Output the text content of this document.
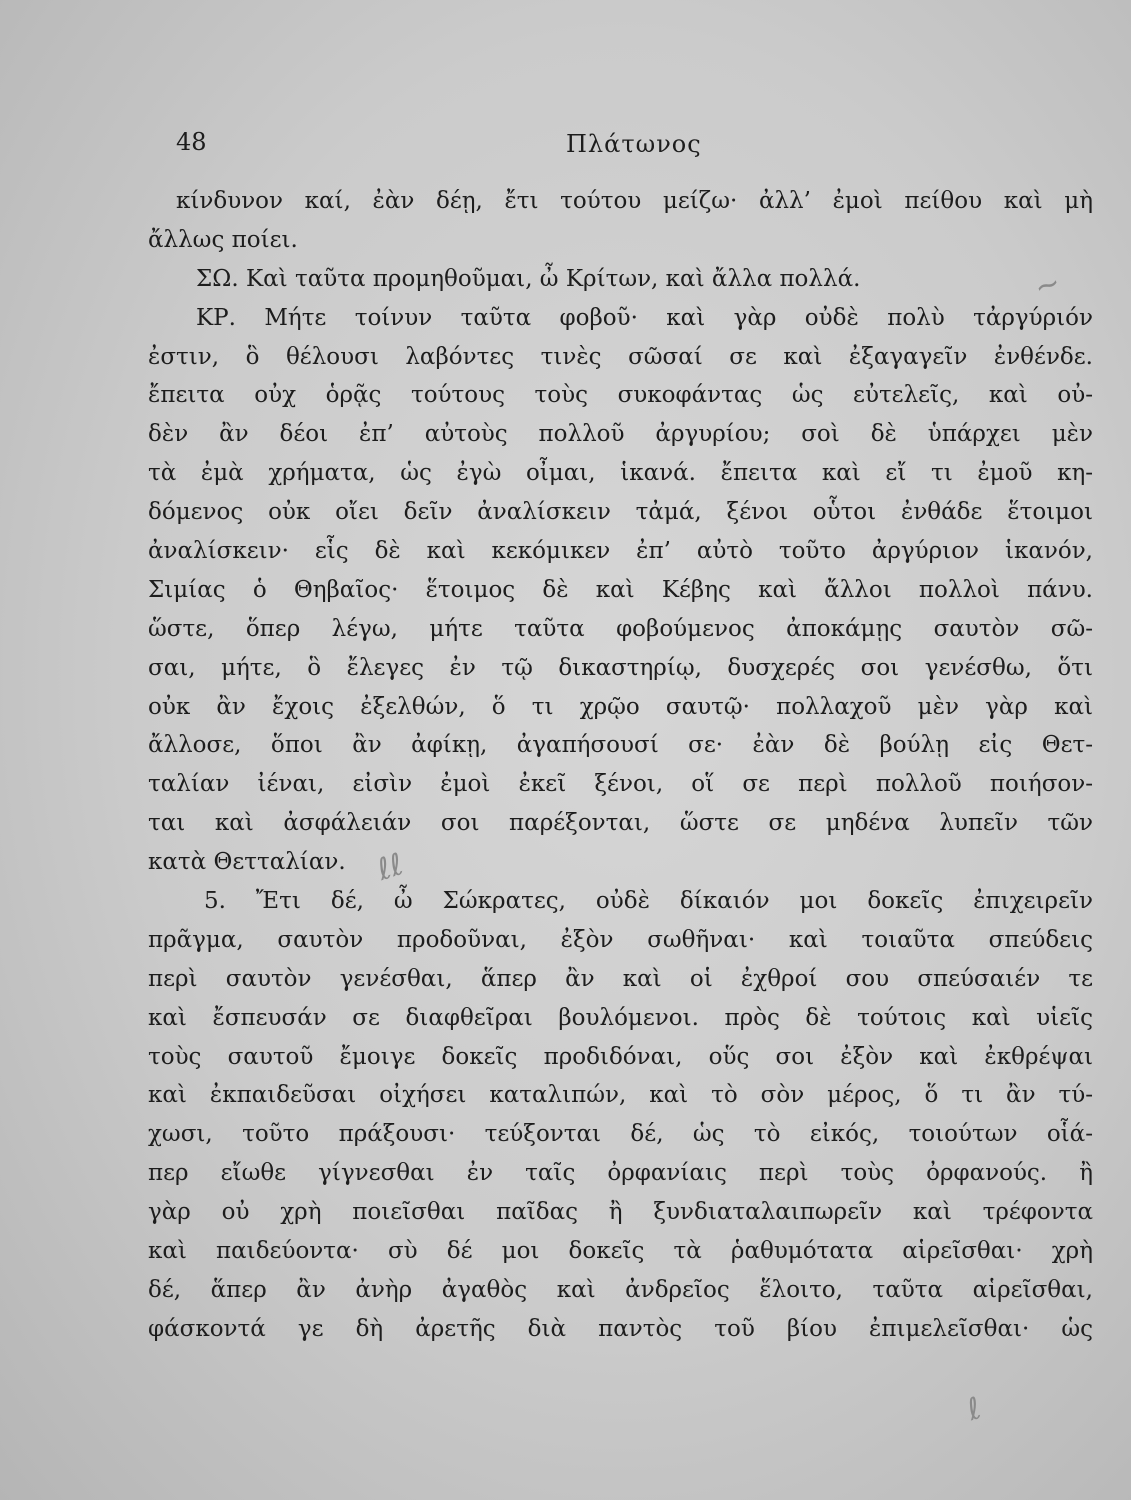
48	Πλάτωνος
κίνδυνον καί, ἐὰν δέῃ, ἔτι τούτου μείζω· ἀλλ’ ἐμοὶ πείθου καὶ μὴ
ἄλλως ποίει.
ΣΩ. Καὶ ταῦτα προμηθοῦμαι, ὦ Κρίτων, καὶ ἄλλα πολλά.
ΚΡ. Μήτε τοίνυν ταῦτα φοβοῦ· καὶ γὰρ οὐδὲ πολὺ τἀργύριόν
ἐστιν, ὃ θέλουσι λαβόντες τινὲς σῶσαί σε καὶ ἐξαγαγεῖν ἐνθένδε.
ἔπειτα οὐχ ὁρᾷς τούτους τοὺς συκοφάντας ὡς εὐτελεῖς, καὶ οὐ-
δὲν ἂν δέοι ἐπ’ αὐτοὺς πολλοῦ ἀργυρίου; σοὶ δὲ ὑπάρχει μὲν
τὰ ἐμὰ χρήματα, ὡς ἐγὼ οἶμαι, ἱκανά. ἔπειτα καὶ εἴ τι ἐμοῦ κη-
δόμενος οὐκ οἴει δεῖν ἀναλίσκειν τἀμά, ξένοι οὗτοι ἐνθάδε ἕτοιμοι
ἀναλίσκειν· εἷς δὲ καὶ κεκόμικεν ἐπ’ αὐτὸ τοῦτο ἀργύριον ἱκανόν,
Σιμίας ὁ Θηβαῖος· ἕτοιμος δὲ καὶ Κέβης καὶ ἄλλοι πολλοὶ πάνυ.
ὥστε, ὅπερ λέγω, μήτε ταῦτα φοβούμενος ἀποκάμῃς σαυτὸν σῶ-
σαι, μήτε, ὃ ἔλεγες ἐν τῷ δικαστηρίῳ, δυσχερές σοι γενέσθω, ὅτι
οὐκ ἂν ἔχοις ἐξελθών, ὅ τι χρῷο σαυτῷ· πολλαχοῦ μὲν γὰρ καὶ
ἄλλοσε, ὅποι ἂν ἀφίκῃ, ἀγαπήσουσί σε· ἐὰν δὲ βούλῃ εἰς Θετ-
ταλίαν ἰέναι, εἰσὶν ἐμοὶ ἐκεῖ ξένοι, οἵ σε περὶ πολλοῦ ποιήσον-
ται καὶ ἀσφάλειάν σοι παρέξονται, ὥστε σε μηδένα λυπεῖν τῶν
κατὰ Θετταλίαν.
5. Ἔτι δέ, ὦ Σώκρατες, οὐδὲ δίκαιόν μοι δοκεῖς ἐπιχειρεῖν
πρᾶγμα, σαυτὸν προδοῦναι, ἐξὸν σωθῆναι· καὶ τοιαῦτα σπεύδεις
περὶ σαυτὸν γενέσθαι, ἅπερ ἂν καὶ οἱ ἐχθροί σου σπεύσαιέν τε
καὶ ἔσπευσάν σε διαφθεῖραι βουλόμενοι. πρὸς δὲ τούτοις καὶ υἱεῖς
τοὺς σαυτοῦ ἔμοιγε δοκεῖς προδιδόναι, οὕς σοι ἐξὸν καὶ ἐκθρέψαι
καὶ ἐκπαιδεῦσαι οἰχήσει καταλιπών, καὶ τὸ σὸν μέρος, ὅ τι ἂν τύ-
χωσι, τοῦτο πράξουσι· τεύξονται δέ, ὡς τὸ εἰκός, τοιούτων οἷά-
περ εἴωθε γίγνεσθαι ἐν ταῖς ὀρφανίαις περὶ τοὺς ὀρφανούς. ἢ
γὰρ οὐ χρὴ ποιεῖσθαι παῖδας ἢ ξυνδιαταλαιπωρεῖν καὶ τρέφοντα
καὶ παιδεύοντα· σὺ δέ μοι δοκεῖς τὰ ῥαθυμότατα αἱρεῖσθαι· χρὴ
δέ, ἅπερ ἂν ἀνὴρ ἀγαθὸς καὶ ἀνδρεῖος ἕλοιτο, ταῦτα αἱρεῖσθαι,
φάσκοντά γε δὴ ἀρετῆς διὰ παντὸς τοῦ βίου ἐπιμελεῖσθαι· ὡς
~
ℓℓ
ℓ
